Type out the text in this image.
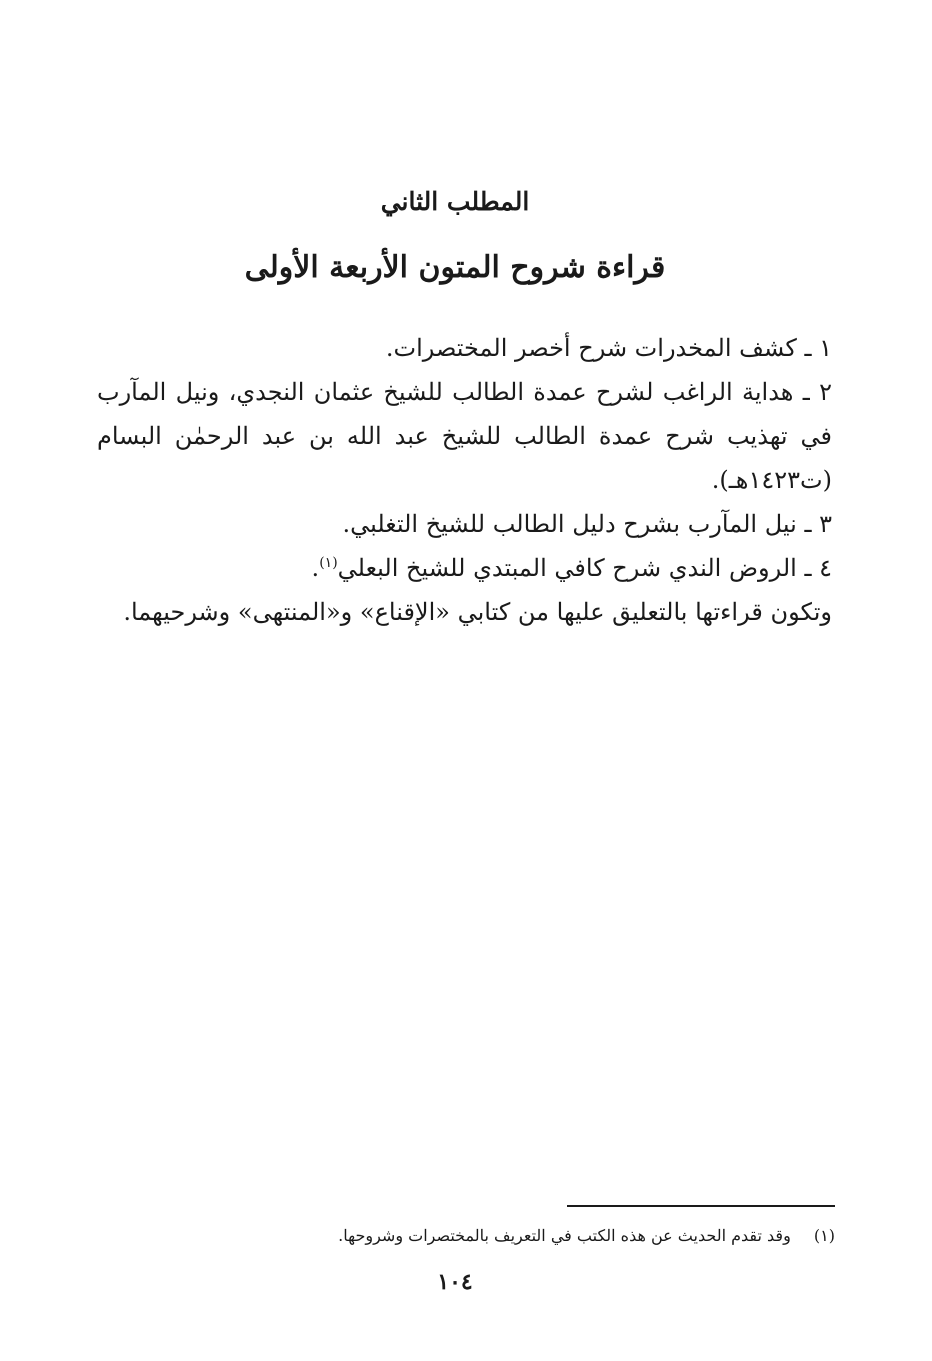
المطلب الثاني
قراءة شروح المتون الأربعة الأولى

١ ـ كشف المخدرات شرح أخصر المختصرات.

٢ ـ هداية الراغب لشرح عمدة الطالب للشيخ عثمان النجدي، ونيل المآرب في تهذيب شرح عمدة الطالب للشيخ عبد الله بن عبد الرحمٰن البسام (ت١٤٢٣هـ).

٣ ـ نيل المآرب بشرح دليل الطالب للشيخ التغلبي.

٤ ـ الروض الندي شرح كافي المبتدي للشيخ البعلي$^{(١)}$.

وتكون قراءتها بالتعليق عليها من كتابي «الإقناع» و«المنتهى» وشرحيهما.

(١) وقد تقدم الحديث عن هذه الكتب في التعريف بالمختصرات وشروحها.
١٠٤
